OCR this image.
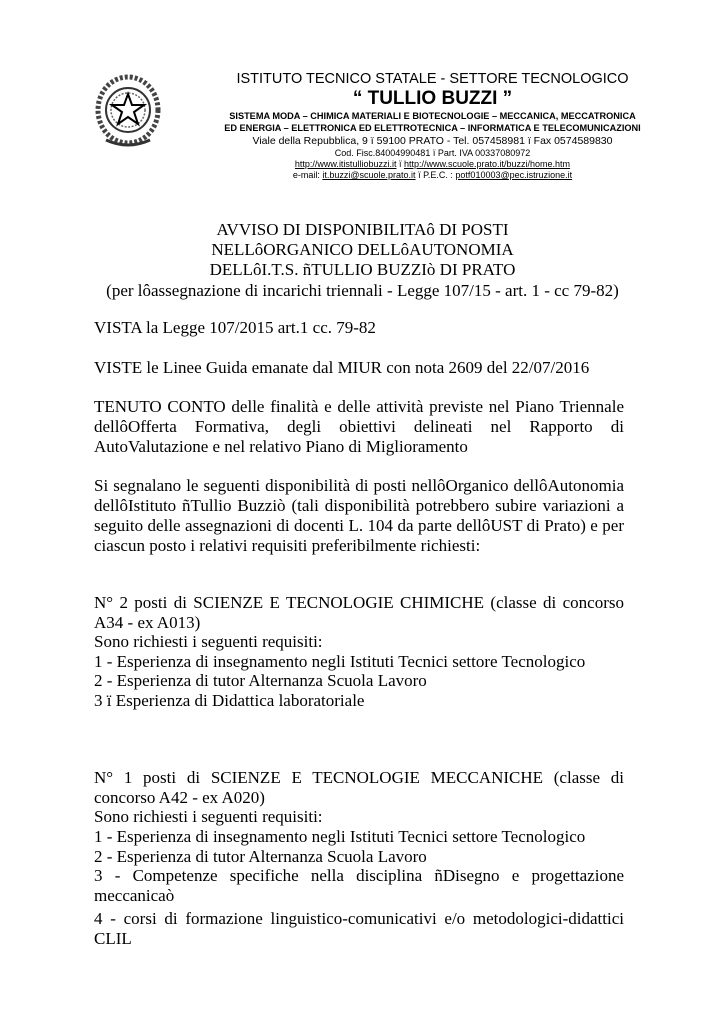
ISTITUTO TECNICO STATALE - SETTORE TECNOLOGICO
“ TULLIO BUZZI ”
SISTEMA MODA – CHIMICA MATERIALI E BIOTECNOLOGIE – MECCANICA, MECCATRONICA
ED ENERGIA – ELETTRONICA ED ELETTROTECNICA – INFORMATICA E TELECOMUNICAZIONI
Viale della Repubblica, 9 ï 59100 PRATO - Tel. 057458981 ï Fax 0574589830
Cod. Fisc.84004990481 ï Part. IVA 00337080972
http://www.itistulliobuzzi.it ï http://www.scuole.prato.it/buzzi/home.htm
e-mail: it.buzzi@scuole.prato.it ï P.E.C. : potf010003@pec.istruzione.it
AVVISO DI DISPONIBILITAô DI POSTI
NELLôORGANICO DELLôAUTONOMIA
DELLôI.T.S. ñTULLIO BUZZIò DI PRATO
(per lôassegnazione di incarichi triennali - Legge 107/15 - art. 1 - cc 79-82)
VISTA la Legge 107/2015 art.1 cc. 79-82
VISTE le Linee Guida emanate dal MIUR con nota 2609 del 22/07/2016
TENUTO CONTO delle finalità e delle attività previste nel Piano Triennale
dellôOfferta Formativa, degli obiettivi delineati nel Rapporto di
AutoValutazione e nel relativo Piano di Miglioramento
Si segnalano le seguenti disponibilità di posti nellôOrganico dellôAutonomia
dellôIstituto ñTullio Buzziò (tali disponibilità potrebbero subire variazioni a
seguito delle assegnazioni di docenti L. 104 da parte dellôUST di Prato) e per
ciascun posto i relativi requisiti preferibilmente richiesti:
N° 2 posti di SCIENZE E TECNOLOGIE CHIMICHE (classe di concorso
A34 - ex A013)
Sono richiesti i seguenti requisiti:
1 - Esperienza di insegnamento negli Istituti Tecnici settore Tecnologico
2 - Esperienza di tutor Alternanza Scuola Lavoro
3 ï Esperienza di Didattica laboratoriale
N° 1 posti di SCIENZE E TECNOLOGIE MECCANICHE (classe di
concorso A42 - ex A020)
Sono richiesti i seguenti requisiti:
1 - Esperienza di insegnamento negli Istituti Tecnici settore Tecnologico
2 - Esperienza di tutor Alternanza Scuola Lavoro
3 - Competenze specifiche nella disciplina ñDisegno e progettazione
meccanicaò
4 - corsi di formazione linguistico-comunicativi e/o metodologici-didattici
CLIL
